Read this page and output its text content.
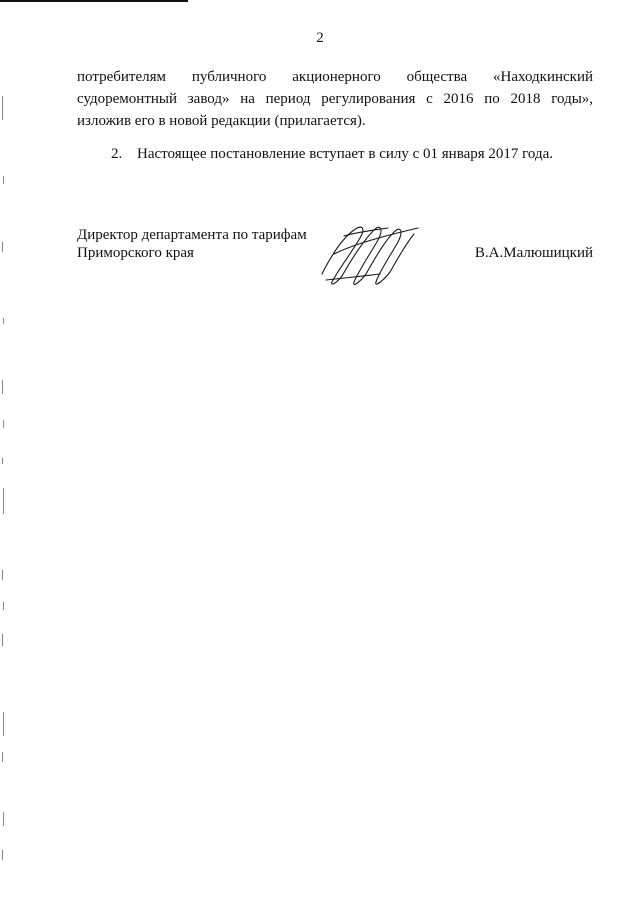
2
потребителям публичного акционерного общества «Находкинский
судоремонтный завод» на период регулирования с 2016 по 2018 годы»,
изложив его в новой редакции (прилагается).
2. Настоящее постановление вступает в силу с 01 января 2017 года.
Директор департамента по тарифам
Приморского края	В.А.Малюшицкий
